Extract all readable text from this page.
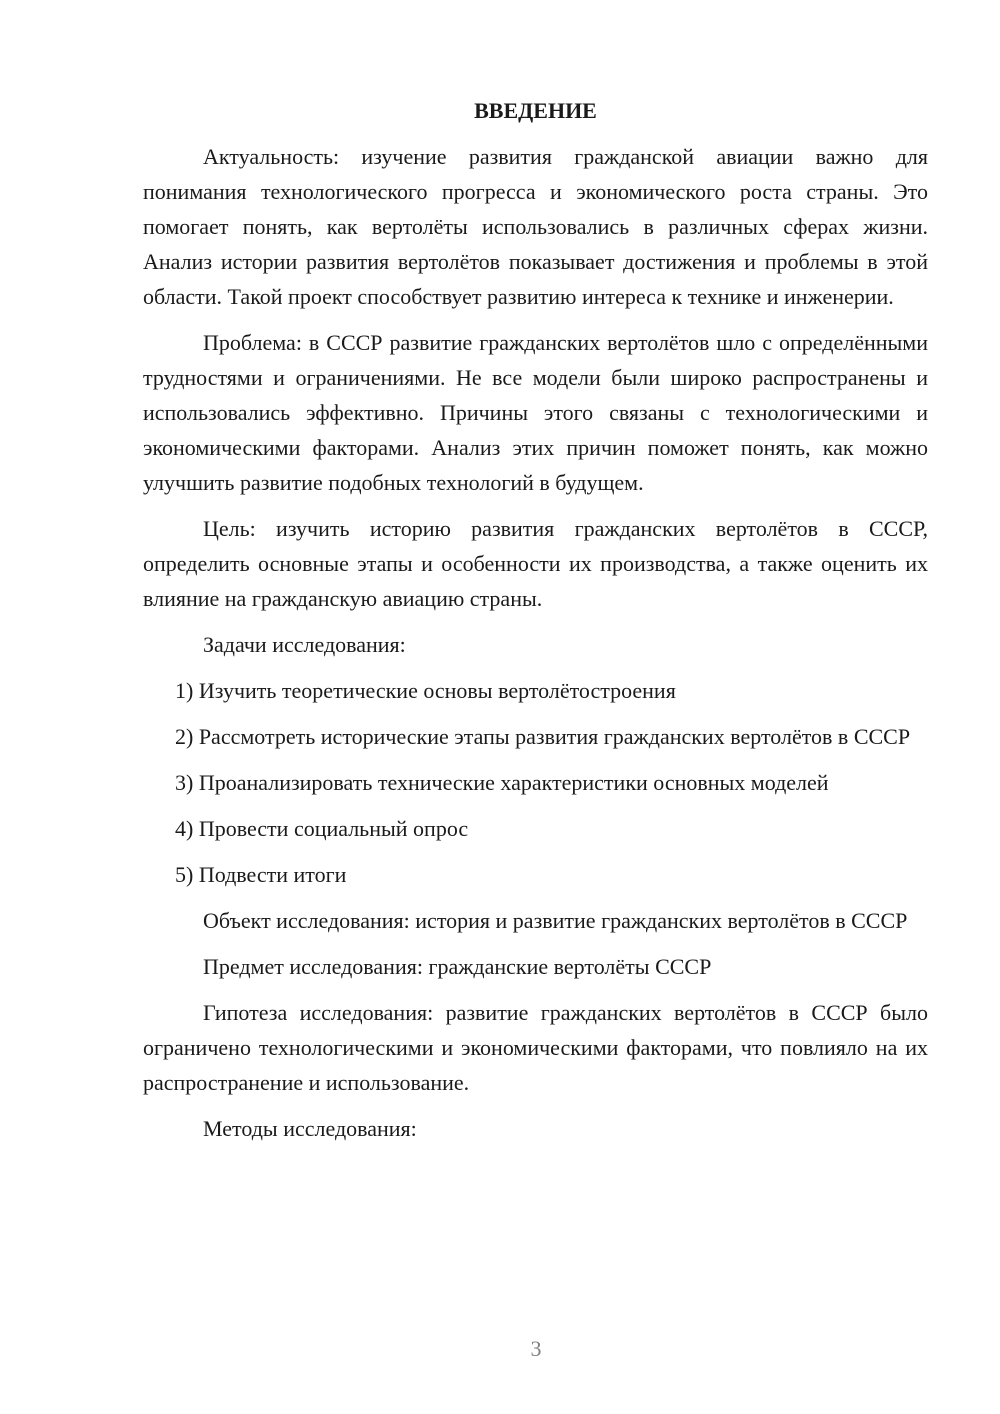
ВВЕДЕНИЕ

Актуальность: изучение развития гражданской авиации важно для понимания технологического прогресса и экономического роста страны. Это помогает понять, как вертолёты использовались в различных сферах жизни. Анализ истории развития вертолётов показывает достижения и проблемы в этой области. Такой проект способствует развитию интереса к технике и инженерии.

Проблема: в СССР развитие гражданских вертолётов шло с определёнными трудностями и ограничениями. Не все модели были широко распространены и использовались эффективно. Причины этого связаны с технологическими и экономическими факторами. Анализ этих причин поможет понять, как можно улучшить развитие подобных технологий в будущем.

Цель: изучить историю развития гражданских вертолётов в СССР, определить основные этапы и особенности их производства, а также оценить их влияние на гражданскую авиацию страны.

Задачи исследования:

1) Изучить теоретические основы вертолётостроения

2) Рассмотреть исторические этапы развития гражданских вертолётов в СССР

3) Проанализировать технические характеристики основных моделей

4) Провести социальный опрос

5) Подвести итоги

Объект исследования: история и развитие гражданских вертолётов в СССР

Предмет исследования: гражданские вертолёты СССР

Гипотеза исследования: развитие гражданских вертолётов в СССР было ограничено технологическими и экономическими факторами, что повлияло на их распространение и использование.

Методы исследования:

3
